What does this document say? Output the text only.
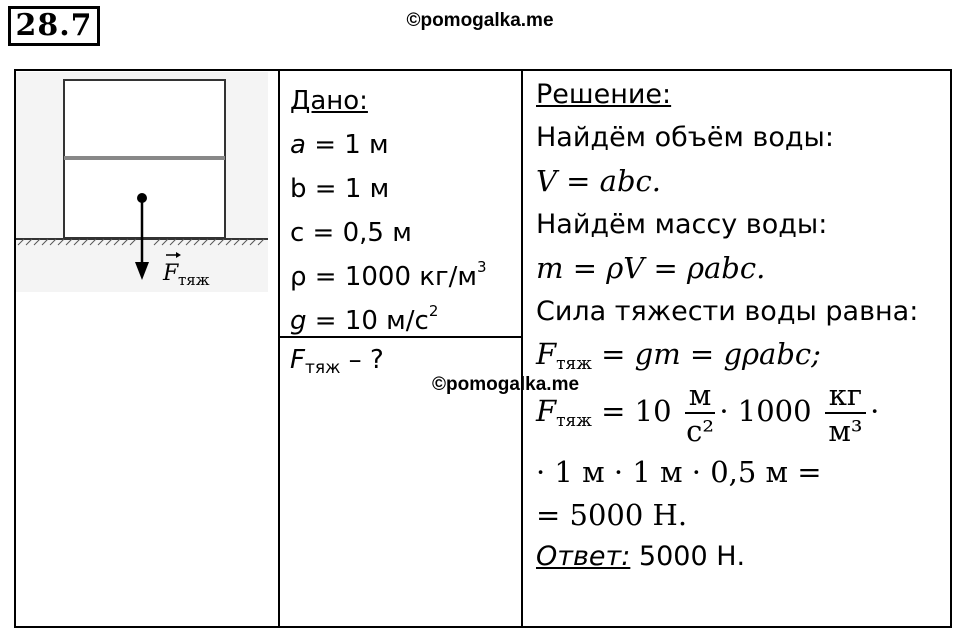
28.7	©pomogalka.me
F тяж
Дано:
a = 1 м
b = 1 м
c = 0,5 м
ρ = 1000 $кг/м^3$
g = 10 $м/с^2$
$F_{тяж}$ – ?
Решение:
Найдём объём воды:
V = abc.
Найдём массу воды:
m = ρV = ρabc.
Сила тяжести воды равна:
$F_{тяж}$ = gm = gρabc;
$F_{тяж} = 10 \frac{м}{\text{с²}} \cdot 1000 \frac{кг}{\text{м³}}$ ·
· 1 м · 1 м · 0,5 м =
= 5000 Н.
Ответ: 5000 Н.
©pomogalka.me
